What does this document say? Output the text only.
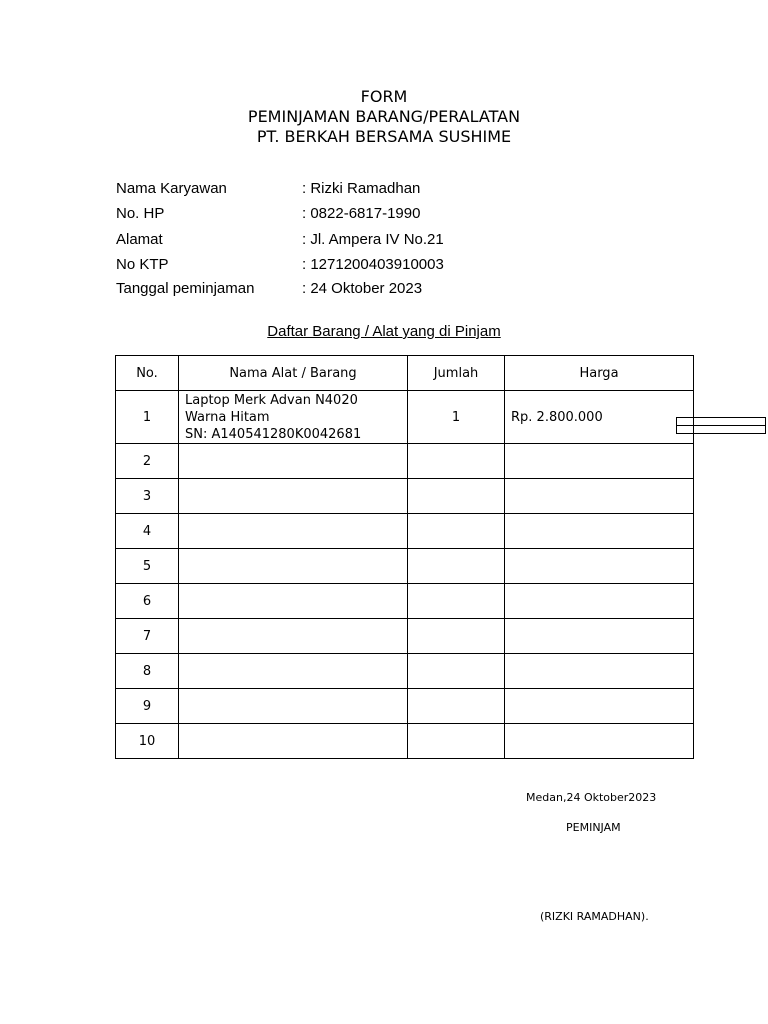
FORM
PEMINJAMAN BARANG/PERALATAN
PT. BERKAH BERSAMA SUSHIME
Nama Karyawan	: Rizki Ramadhan
No. HP	: 0822-6817-1990
Alamat	: Jl. Ampera IV No.21
No KTP	: 1271200403910003
Tanggal peminjaman	: 24 Oktober 2023
Daftar Barang / Alat yang di Pinjam
No.	Nama Alat / Barang	Jumlah	Harga
1	Laptop Merk Advan N4020
Warna Hitam
SN: A140541280K0042681	1	Rp. 2.800.000
2			
3			
4			
5			
6			
7			
8			
9			
10			
Medan,24 Oktober2023
PEMINJAM
(RIZKI RAMADHAN).
